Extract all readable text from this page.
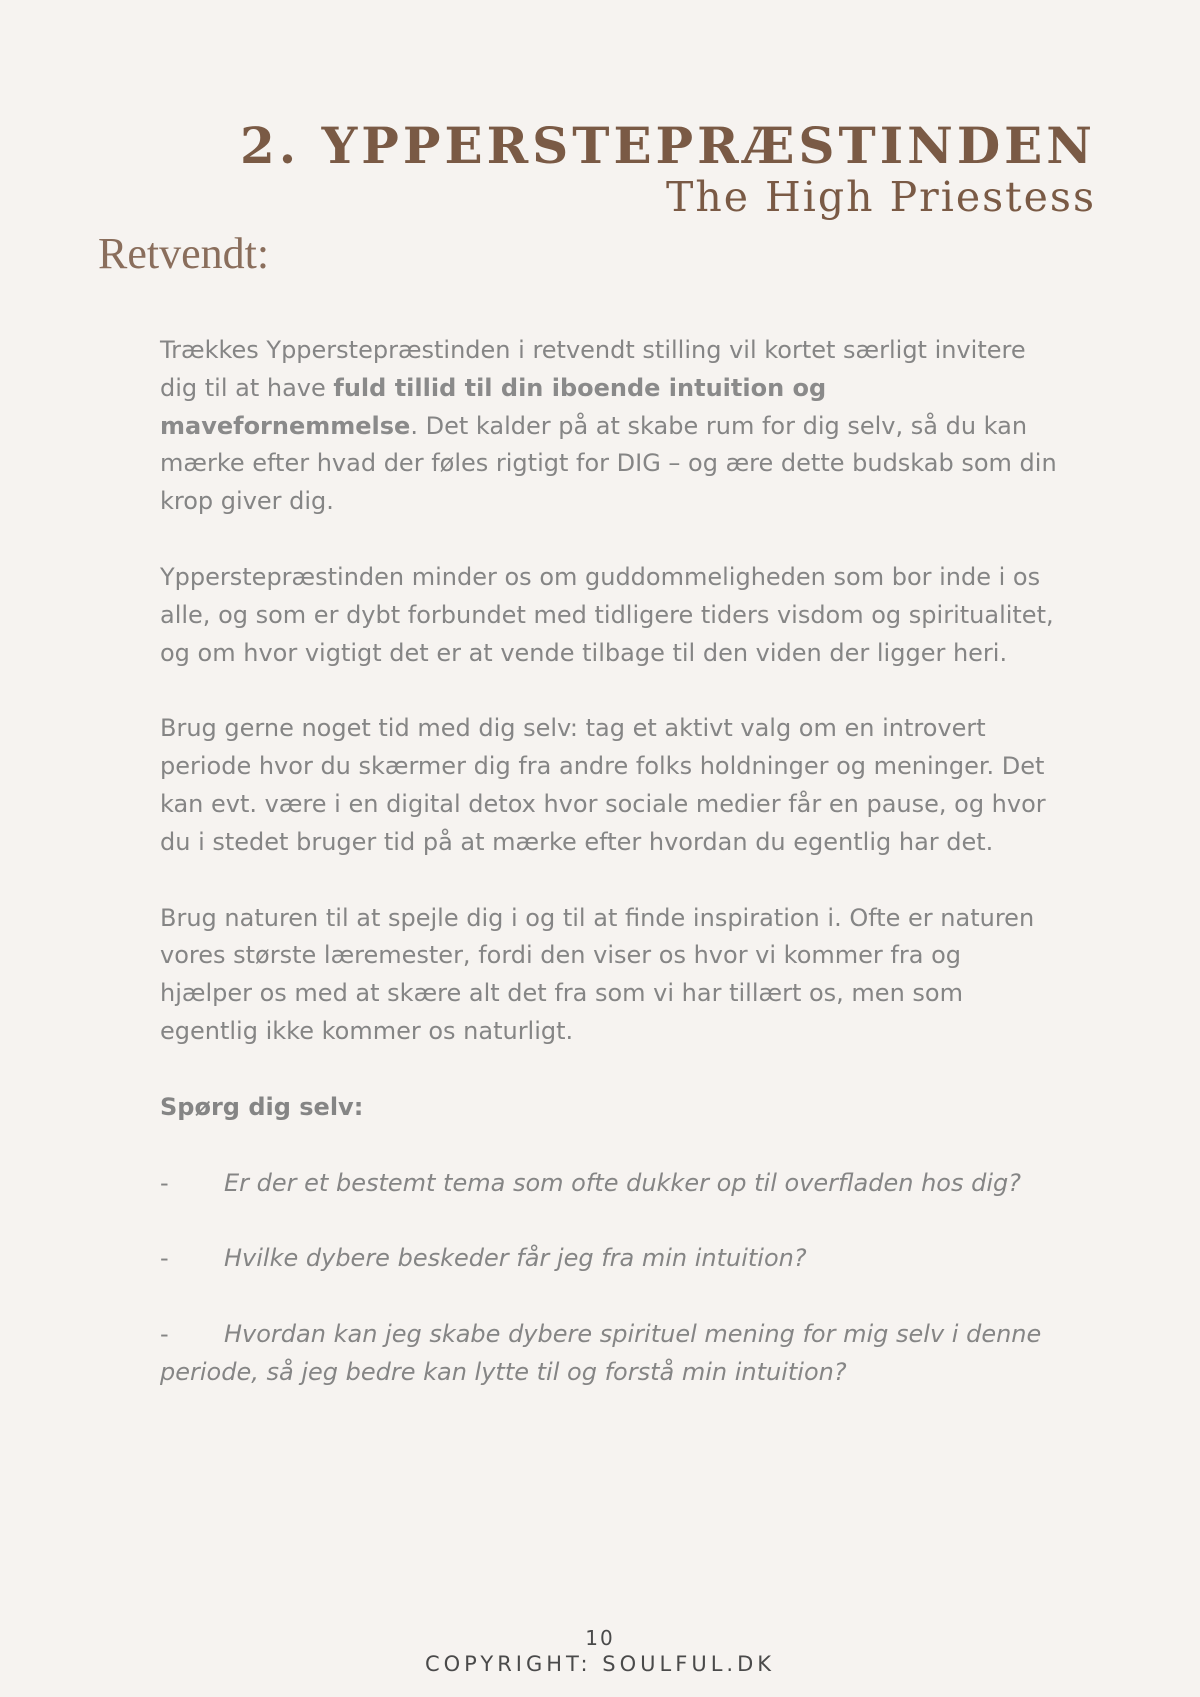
2. YPPERSTEPRÆSTINDEN
The High Priestess
Retvendt:

Trækkes Ypperstepræstinden i retvendt stilling vil kortet særligt invitere dig til at have fuld tillid til din iboende intuition og mavefornemmelse. Det kalder på at skabe rum for dig selv, så du kan mærke efter hvad der føles rigtigt for DIG – og ære dette budskab som din krop giver dig.

Ypperstepræstinden minder os om guddommeligheden som bor inde i os alle, og som er dybt forbundet med tidligere tiders visdom og spiritualitet, og om hvor vigtigt det er at vende tilbage til den viden der ligger heri.

Brug gerne noget tid med dig selv: tag et aktivt valg om en introvert periode hvor du skærmer dig fra andre folks holdninger og meninger. Det kan evt. være i en digital detox hvor sociale medier får en pause, og hvor du i stedet bruger tid på at mærke efter hvordan du egentlig har det.

Brug naturen til at spejle dig i og til at finde inspiration i. Ofte er naturen vores største læremester, fordi den viser os hvor vi kommer fra og hjælper os med at skære alt det fra som vi har tillært os, men som egentlig ikke kommer os naturligt.

Spørg dig selv:

- Er der et bestemt tema som ofte dukker op til overfladen hos dig?

- Hvilke dybere beskeder får jeg fra min intuition?

- Hvordan kan jeg skabe dybere spirituel mening for mig selv i denne periode, så jeg bedre kan lytte til og forstå min intuition?

10
COPYRIGHT: SOULFUL.DK
